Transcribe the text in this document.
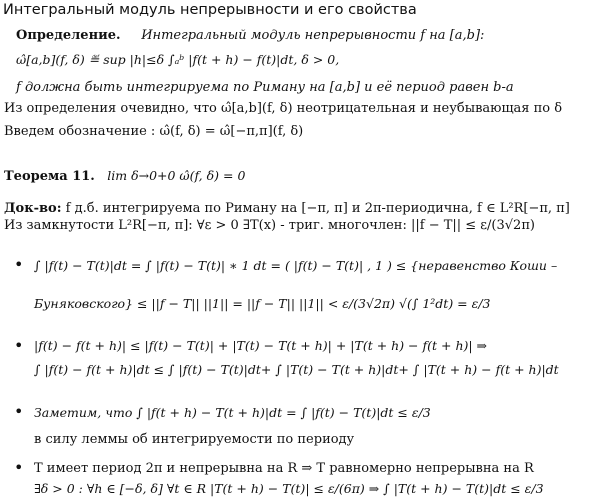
Интегральный модуль непрерывности и его свойства
Определение. Интегральный модуль непрерывности f на [a,b]:
ω̂[a,b](f, δ) ≝ sup |h|≤δ ∫ₐᵇ |f(t + h) − f(t)|dt, δ > 0,
f должна быть интегрируема по Риману на [a,b] и её период равен b-a
Из определения очевидно, что ω̂[a,b](f, δ) неотрицательная и неубывающая по δ
Введем обозначение : ω̂(f, δ) = ω̂[−π,π](f, δ)
Теорема 11. lim δ→0+0 ω̂(f, δ) = 0
Док-во: f д.б. интегрируема по Риману на [−π, π] и 2π-периодична, f ∈ L²R[−π, π]
Из замкнутости L²R[−π, π]: ∀ε > 0 ∃T(x) - триг. многочлен: ||f − T|| ≤ ε/(3√2π)
• ∫ |f(t) − T(t)|dt = ∫ |f(t) − T(t)| ∗ 1 dt = ( |f(t) − T(t)| , 1 ) ≤ {неравенство Коши –
Буняковского} ≤ ||f − T|| ||1|| = ||f − T|| ||1|| < ε/(3√2π) √(∫ 1²dt) = ε/3
• |f(t) − f(t + h)| ≤ |f(t) − T(t)| + |T(t) − T(t + h)| + |T(t + h) − f(t + h)| ⇒
∫ |f(t) − f(t + h)|dt ≤ ∫ |f(t) − T(t)|dt+ ∫ |T(t) − T(t + h)|dt+ ∫ |T(t + h) − f(t + h)|dt
• Заметим, что ∫ |f(t + h) − T(t + h)|dt = ∫ |f(t) − T(t)|dt ≤ ε/3
в силу леммы об интегрируемости по периоду
• T имеет период 2π и непрерывна на R ⇒ T равномерно непрерывна на R
∃δ > 0 : ∀h ∈ [−δ, δ] ∀t ∈ R |T(t + h) − T(t)| ≤ ε/(6π) ⇒ ∫ |T(t + h) − T(t)|dt ≤ ε/3
